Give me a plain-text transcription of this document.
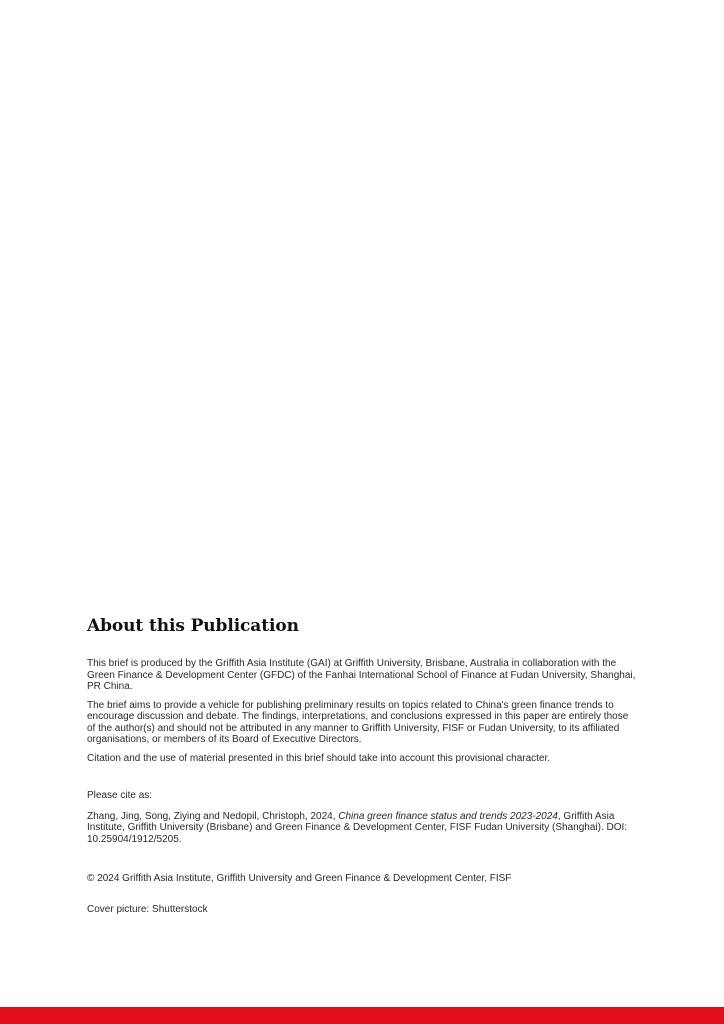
About this Publication

This brief is produced by the Griffith Asia Institute (GAI) at Griffith University, Brisbane, Australia in collaboration with the Green Finance & Development Center (GFDC) of the Fanhai International School of Finance at Fudan University, Shanghai, PR China.

The brief aims to provide a vehicle for publishing preliminary results on topics related to China's green finance trends to encourage discussion and debate. The findings, interpretations, and conclusions expressed in this paper are entirely those of the author(s) and should not be attributed in any manner to Griffith University, FISF or Fudan University, to its affiliated organisations, or members of its Board of Executive Directors.

Citation and the use of material presented in this brief should take into account this provisional character.

Please cite as:

Zhang, Jing, Song, Ziying and Nedopil, Christoph, 2024, China green finance status and trends 2023-2024, Griffith Asia Institute, Griffith University (Brisbane) and Green Finance & Development Center, FISF Fudan University (Shanghai). DOI: 10.25904/1912/5205.

© 2024 Griffith Asia Institute, Griffith University and Green Finance & Development Center, FISF

Cover picture: Shutterstock
